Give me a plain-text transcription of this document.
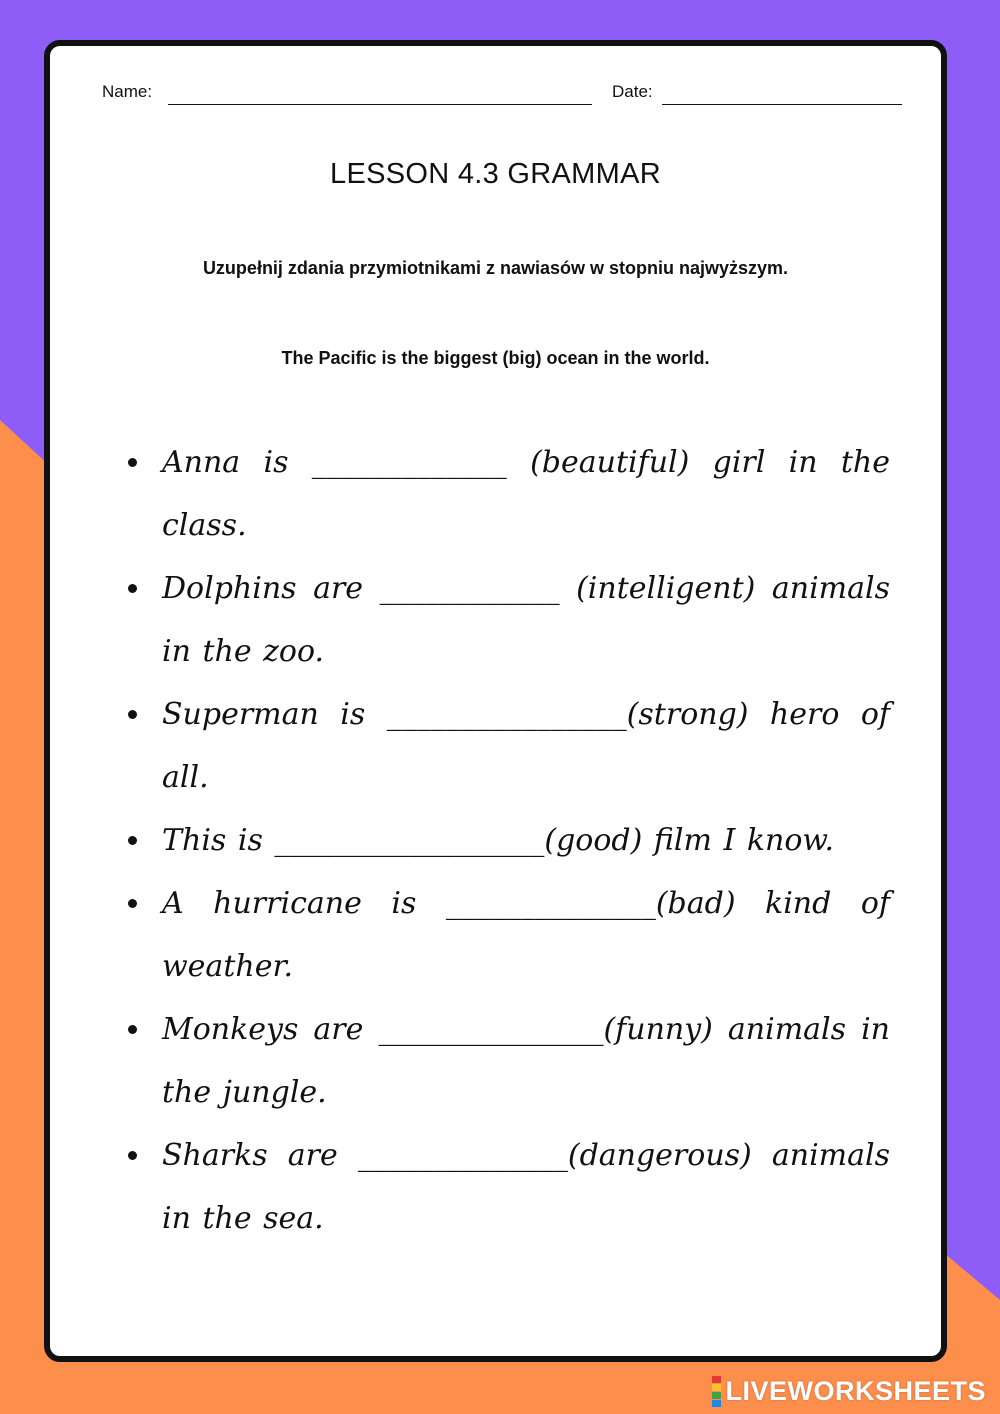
Name:	Date:
LESSON 4.3 GRAMMAR
Uzupełnij zdania przymiotnikami z nawiasów w stopniu najwyższym.
The Pacific is the biggest (big) ocean in the world.
Anna is _____________ (beautiful) girl in the class.
Dolphins are ____________ (intelligent) animals in the zoo.
Superman is ________________(strong) hero of all.
This is __________________(good) film I know.
A hurricane is ______________(bad) kind of weather.
Monkeys are _______________(funny) animals in the jungle.
Sharks are ______________(dangerous) animals in the sea.
LIVEWORKSHEETS
